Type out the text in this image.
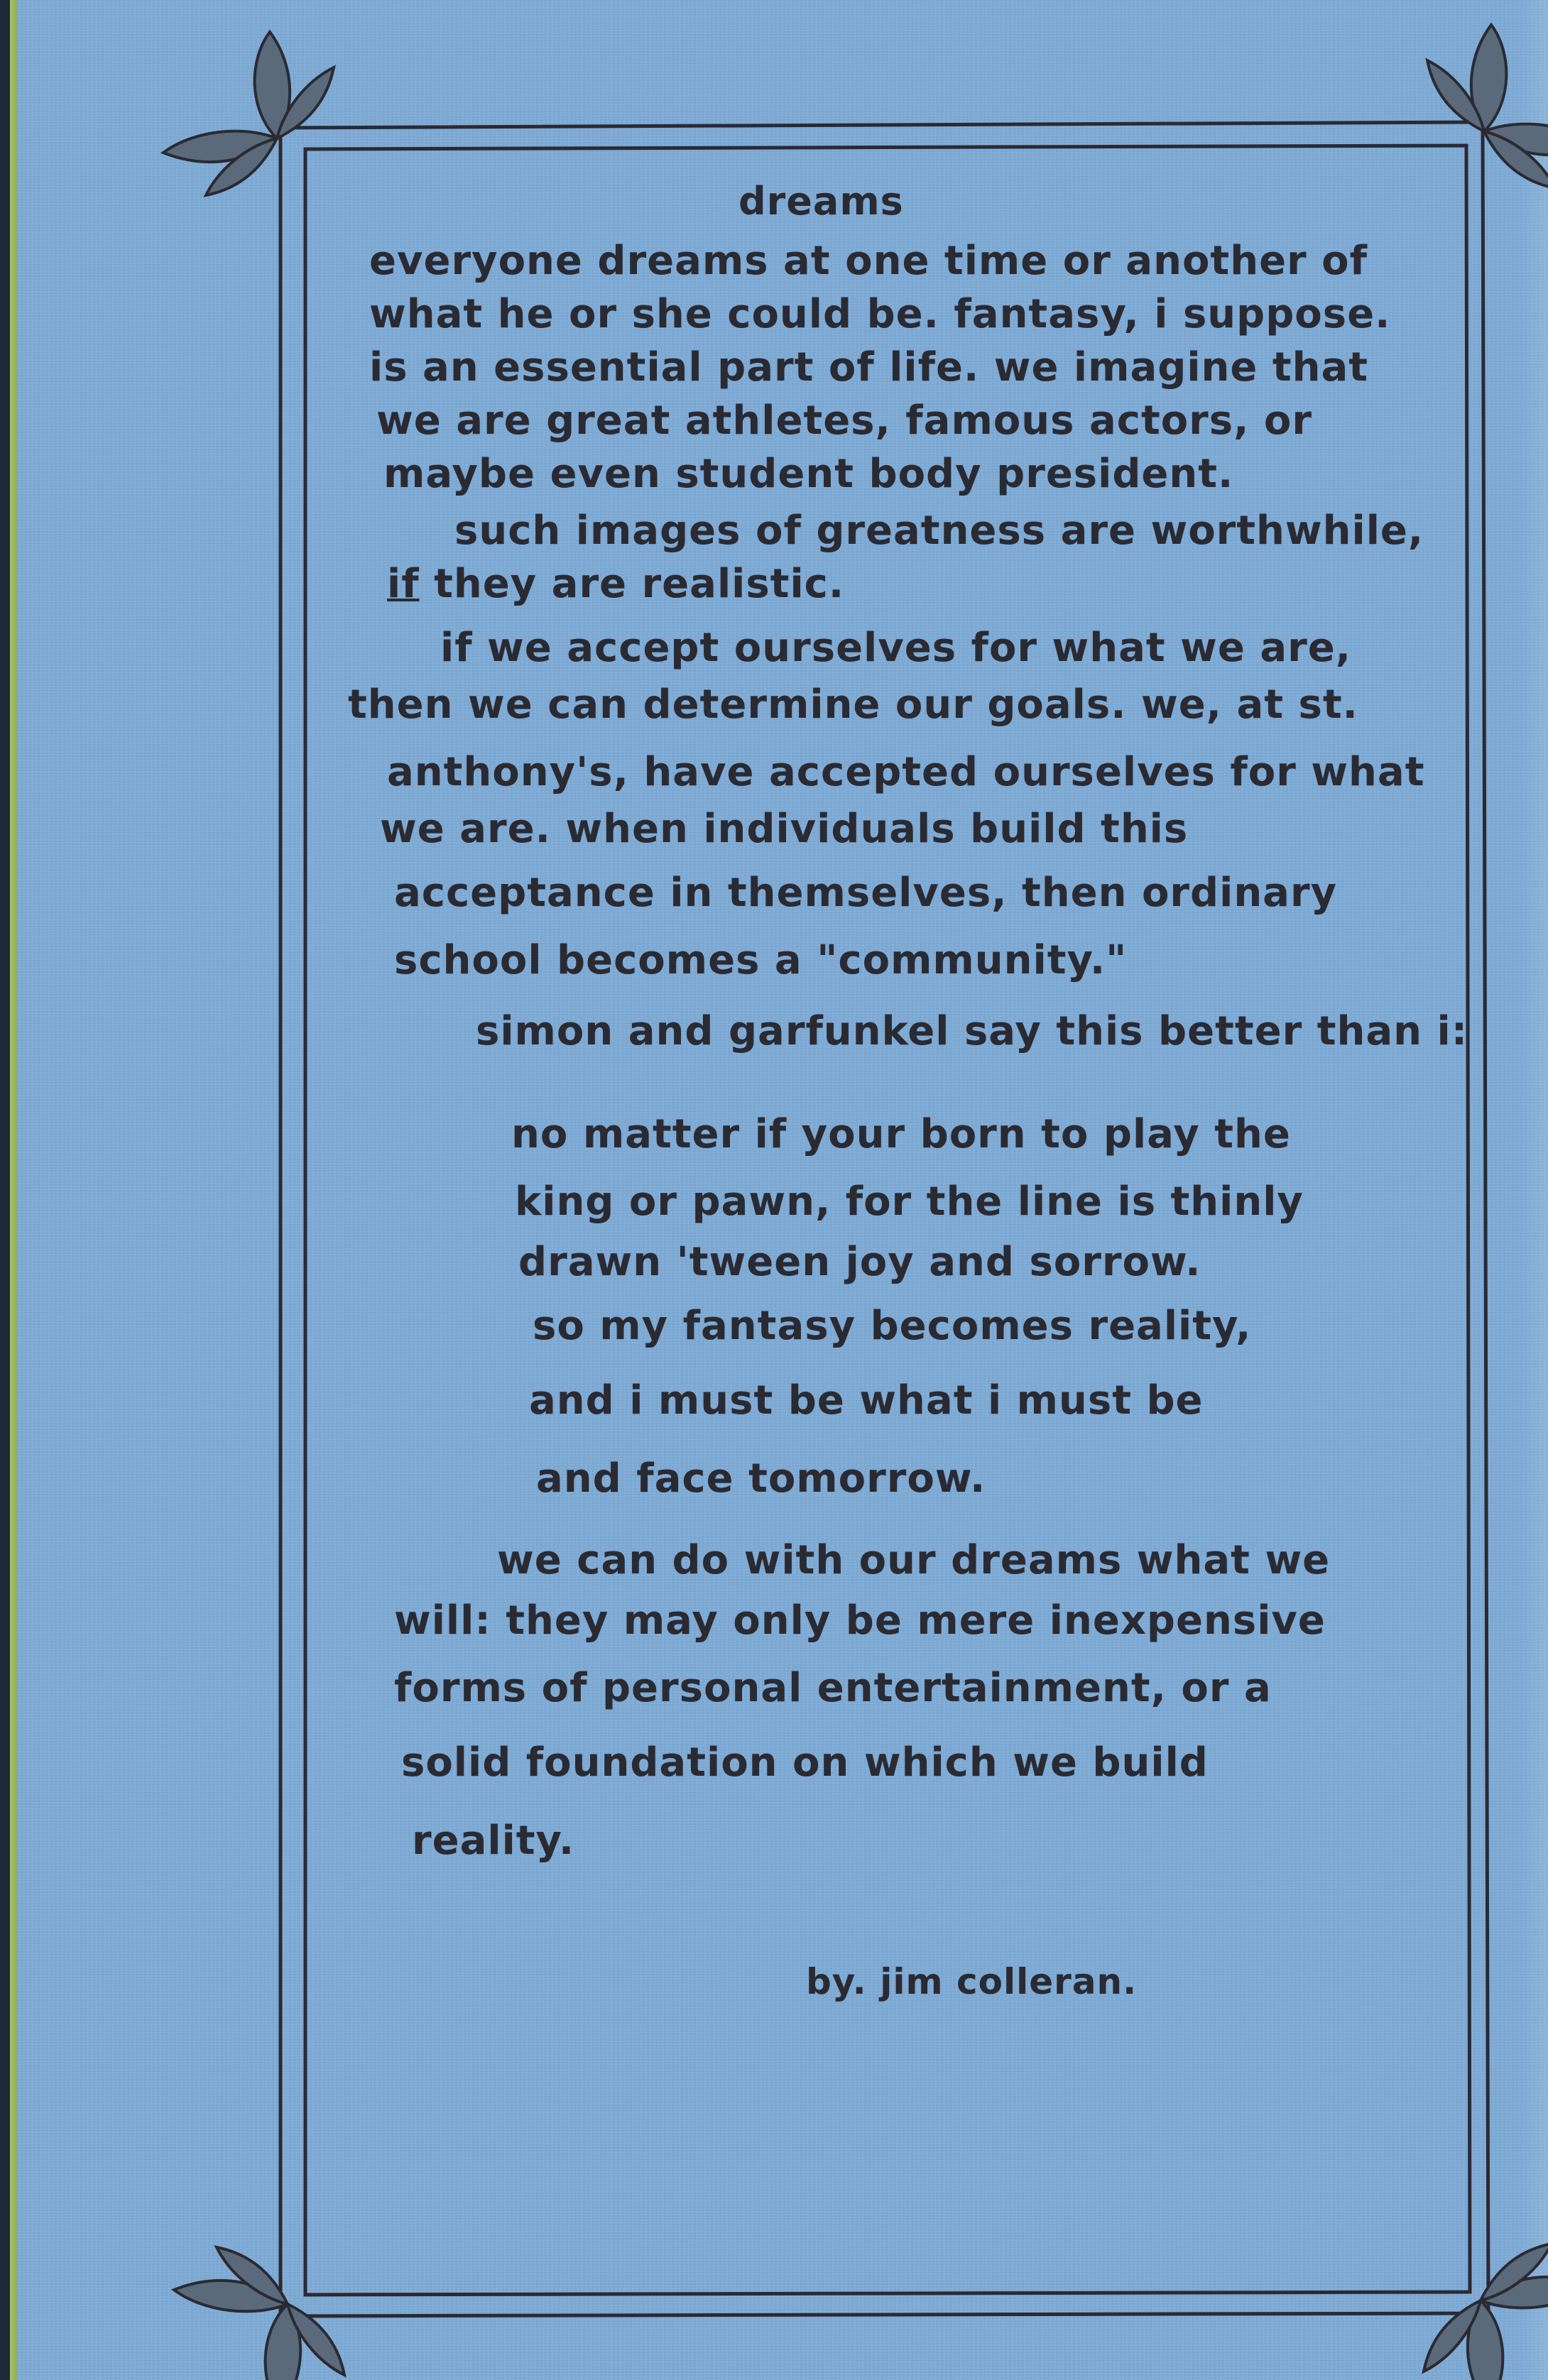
dreams
everyone dreams at one time or another of
what he or she could be. fantasy, i suppose.
is an essential part of life. we imagine that
we are great athletes, famous actors, or
maybe even student body president.
such images of greatness are worthwhile,
if they are realistic.
if we accept ourselves for what we are,
then we can determine our goals. we, at st.
anthony's, have accepted ourselves for what
we are. when individuals build this
acceptance in themselves, then ordinary
school becomes a "community."
simon and garfunkel say this better than i:
no matter if your born to play the
king or pawn, for the line is thinly
drawn 'tween joy and sorrow.
so my fantasy becomes reality,
and i must be what i must be
and face tomorrow.
we can do with our dreams what we
will: they may only be mere inexpensive
forms of personal entertainment, or a
solid foundation on which we build
reality.
by. jim colleran.
